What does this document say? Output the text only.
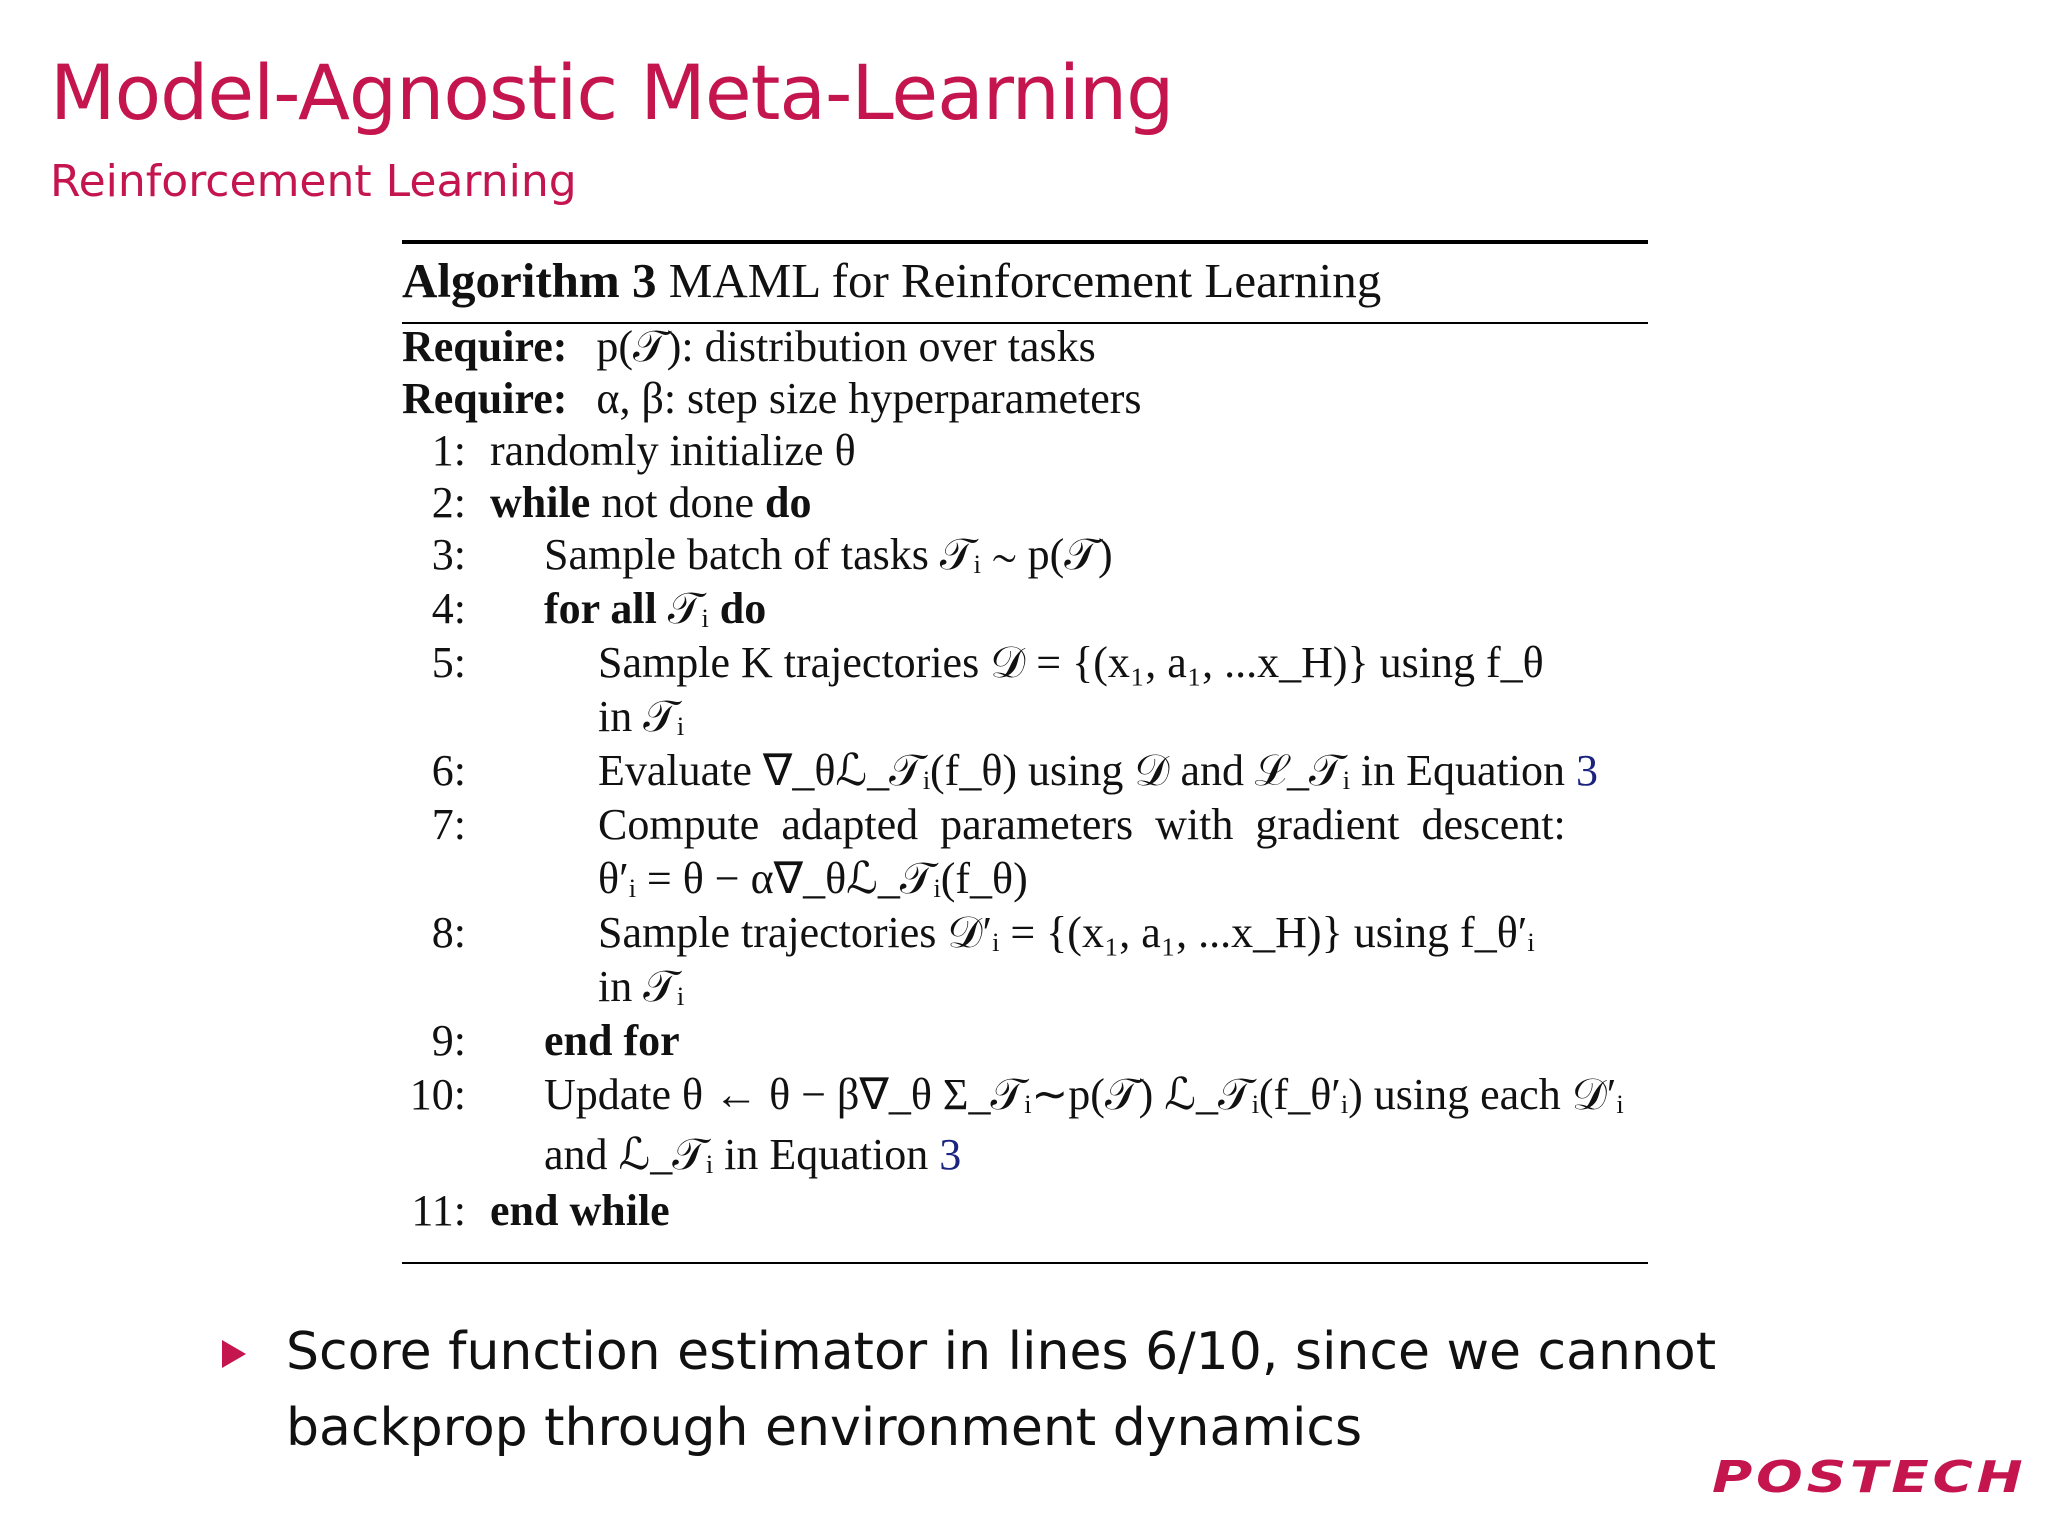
Model-Agnostic Meta-Learning
Reinforcement Learning
Algorithm 3 MAML for Reinforcement Learning
Require: p(𝒯): distribution over tasks
Require: α, β: step size hyperparameters
1: randomly initialize θ
2: while not done do
3: Sample batch of tasks 𝒯ᵢ ∼ p(𝒯)
4: for all 𝒯ᵢ do
5:	Sample K trajectories 𝒟 = {(x₁, a₁, ...x_H)} using f_θ
in 𝒯ᵢ
6:	Evaluate ∇_θℒ_𝒯ᵢ(f_θ) using 𝒟 and ℒ_𝒯ᵢ in Equation 3
7:	Compute  adapted  parameters  with  gradient  descent:
θ′ᵢ = θ − α∇_θℒ_𝒯ᵢ(f_θ)
8:	Sample trajectories 𝒟′ᵢ = {(x₁, a₁, ...x_H)} using f_θ′ᵢ
in 𝒯ᵢ
9: end for
10: Update θ ← θ − β∇_θ Σ_𝒯ᵢ∼p(𝒯) ℒ_𝒯ᵢ(f_θ′ᵢ) using each 𝒟′ᵢ
and ℒ_𝒯ᵢ in Equation 3
11: end while
Score function estimator in lines 6/10, since we cannot backprop through environment dynamics
POSTECH
